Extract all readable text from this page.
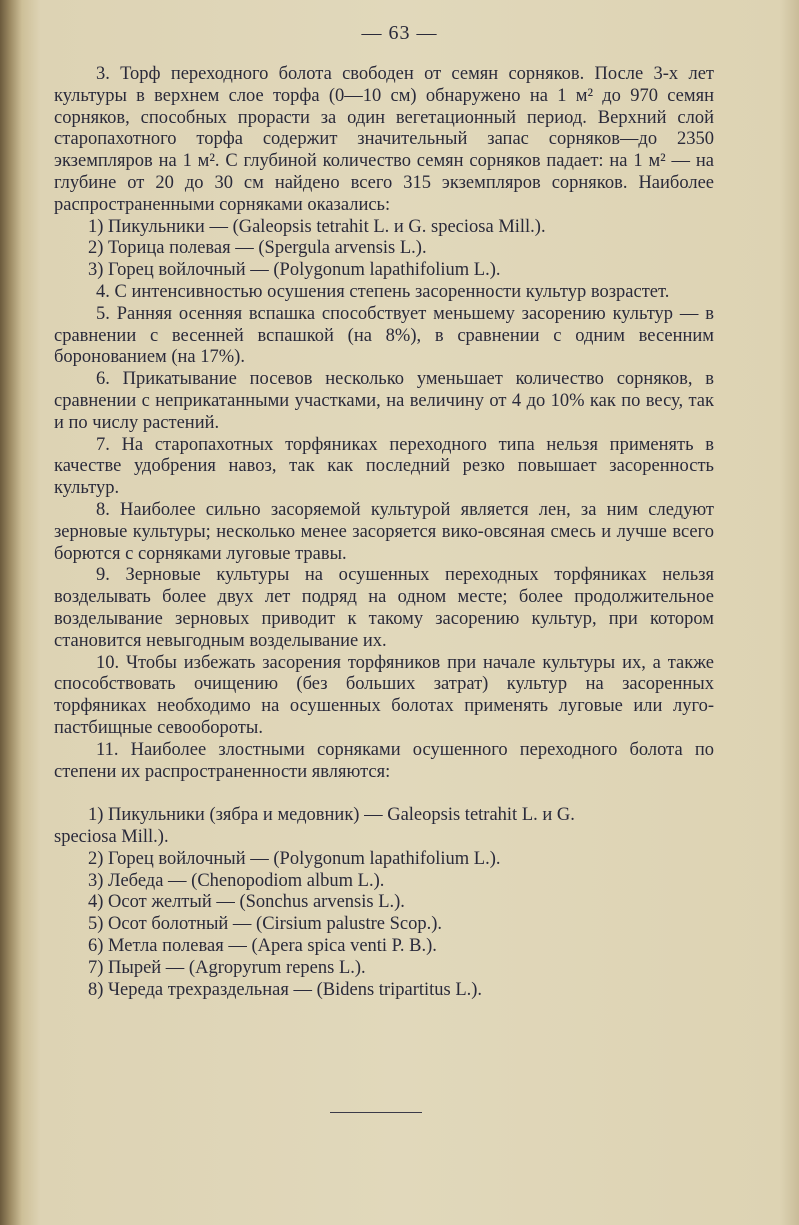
— 63 —

3. Торф переходного болота свободен от семян сорняков. После 3-х лет культуры в верхнем слое торфа (0—10 см) обнаружено на 1 м² до 970 семян сорняков, способных прорасти за один вегетационный период. Верхний слой старопахотного торфа содержит значительный запас сорняков—до 2350 экземпляров на 1 м². С глубиной количество семян сорняков падает: на 1 м² — на глубине от 20 до 30 см найдено всего 315 экземпляров сорняков. Наиболее распространенными сорняками оказались:

1) Пикульники — (Galeopsis tetrahit L. и G. speciosa Mill.).
2) Торица полевая — (Spergula arvensis L.).
3) Горец войлочный — (Polygonum lapathifolium L.).

4. С интенсивностью осушения степень засоренности культур возрастет.

5. Ранняя осенняя вспашка способствует меньшему засорению культур — в сравнении с весенней вспашкой (на 8%), в сравнении с одним весенним боронованием (на 17%).

6. Прикатывание посевов несколько уменьшает количество сорняков, в сравнении с неприкатанными участками, на величину от 4 до 10% как по весу, так и по числу растений.

7. На старопахотных торфяниках переходного типа нельзя применять в качестве удобрения навоз, так как последний резко повышает засоренность культур.

8. Наиболее сильно засоряемой культурой является лен, за ним следуют зерновые культуры; несколько менее засоряется вико-овсяная смесь и лучше всего борются с сорняками луговые травы.

9. Зерновые культуры на осушенных переходных торфяниках нельзя возделывать более двух лет подряд на одном месте; более продолжительное возделывание зерновых приводит к такому засорению культур, при котором становится невыгодным возделывание их.

10. Чтобы избежать засорения торфяников при начале культуры их, а также способствовать очищению (без больших затрат) культур на засоренных торфяниках необходимо на осушенных болотах применять луговые или луго-пастбищные севообороты.

11. Наиболее злостными сорняками осушенного переходного болота по степени их распространенности являются:

1) Пикульники (зябра и медовник) — Galeopsis tetrahit L. и G.
speciosa Mill.).
2) Горец войлочный — (Polygonum lapathifolium L.).
3) Лебеда — (Chenopodiom album L.).
4) Осот желтый — (Sonchus arvensis L.).
5) Осот болотный — (Cirsium palustre Scop.).
6) Метла полевая — (Apera spica venti P. B.).
7) Пырей — (Agropyrum repens L.).
8) Череда трехраздельная — (Bidens tripartitus L.).
